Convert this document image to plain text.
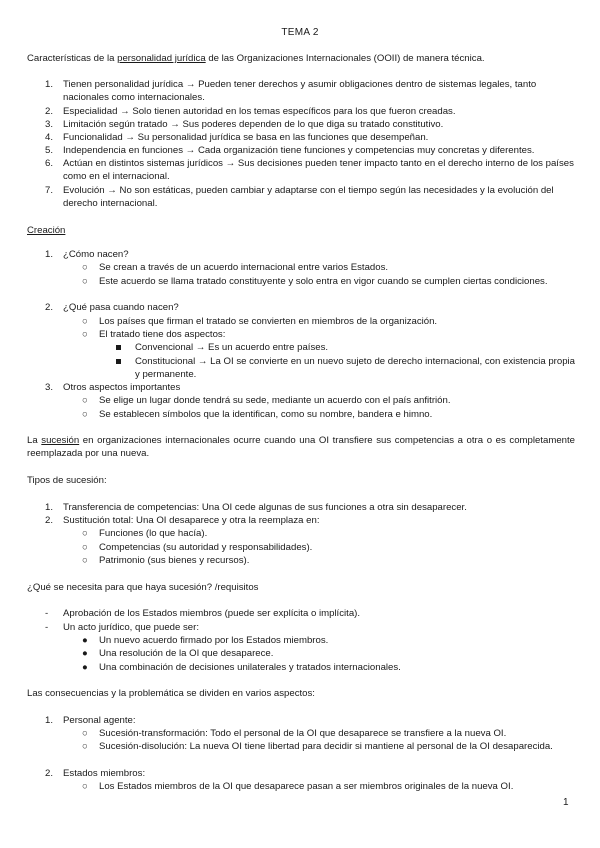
TEMA 2
Características de la personalidad jurídica de las Organizaciones Internacionales (OOII) de manera técnica.
1. Tienen personalidad jurídica → Pueden tener derechos y asumir obligaciones dentro de sistemas legales, tanto nacionales como internacionales.
2. Especialidad → Solo tienen autoridad en los temas específicos para los que fueron creadas.
3. Limitación según tratado → Sus poderes dependen de lo que diga su tratado constitutivo.
4. Funcionalidad → Su personalidad jurídica se basa en las funciones que desempeñan.
5. Independencia en funciones → Cada organización tiene funciones y competencias muy concretas y diferentes.
6. Actúan en distintos sistemas jurídicos → Sus decisiones pueden tener impacto tanto en el derecho interno de los países como en el internacional.
7. Evolución → No son estáticas, pueden cambiar y adaptarse con el tiempo según las necesidades y la evolución del derecho internacional.
Creación
1. ¿Cómo nacen?
○ Se crean a través de un acuerdo internacional entre varios Estados.
○ Este acuerdo se llama tratado constituyente y solo entra en vigor cuando se cumplen ciertas condiciones.
2. ¿Qué pasa cuando nacen?
○ Los países que firman el tratado se convierten en miembros de la organización.
○ El tratado tiene dos aspectos:
Convencional → Es un acuerdo entre países.
Constitucional → La OI se convierte en un nuevo sujeto de derecho internacional, con existencia propia y permanente.
3. Otros aspectos importantes
○ Se elige un lugar donde tendrá su sede, mediante un acuerdo con el país anfitrión.
○ Se establecen símbolos que la identifican, como su nombre, bandera e himno.
La sucesión en organizaciones internacionales ocurre cuando una OI transfiere sus competencias a otra o es completamente reemplazada por una nueva.
Tipos de sucesión:
1. Transferencia de competencias: Una OI cede algunas de sus funciones a otra sin desaparecer.
2. Sustitución total: Una OI desaparece y otra la reemplaza en:
○ Funciones (lo que hacía).
○ Competencias (su autoridad y responsabilidades).
○ Patrimonio (sus bienes y recursos).
¿Qué se necesita para que haya sucesión? /requisitos
- Aprobación de los Estados miembros (puede ser explícita o implícita).
- Un acto jurídico, que puede ser:
● Un nuevo acuerdo firmado por los Estados miembros.
● Una resolución de la OI que desaparece.
● Una combinación de decisiones unilaterales y tratados internacionales.
Las consecuencias y la problemática se dividen en varios aspectos:
1. Personal agente:
○ Sucesión-transformación: Todo el personal de la OI que desaparece se transfiere a la nueva OI.
○ Sucesión-disolución: La nueva OI tiene libertad para decidir si mantiene al personal de la OI desaparecida.
2. Estados miembros:
○ Los Estados miembros de la OI que desaparece pasan a ser miembros originales de la nueva OI.
1
